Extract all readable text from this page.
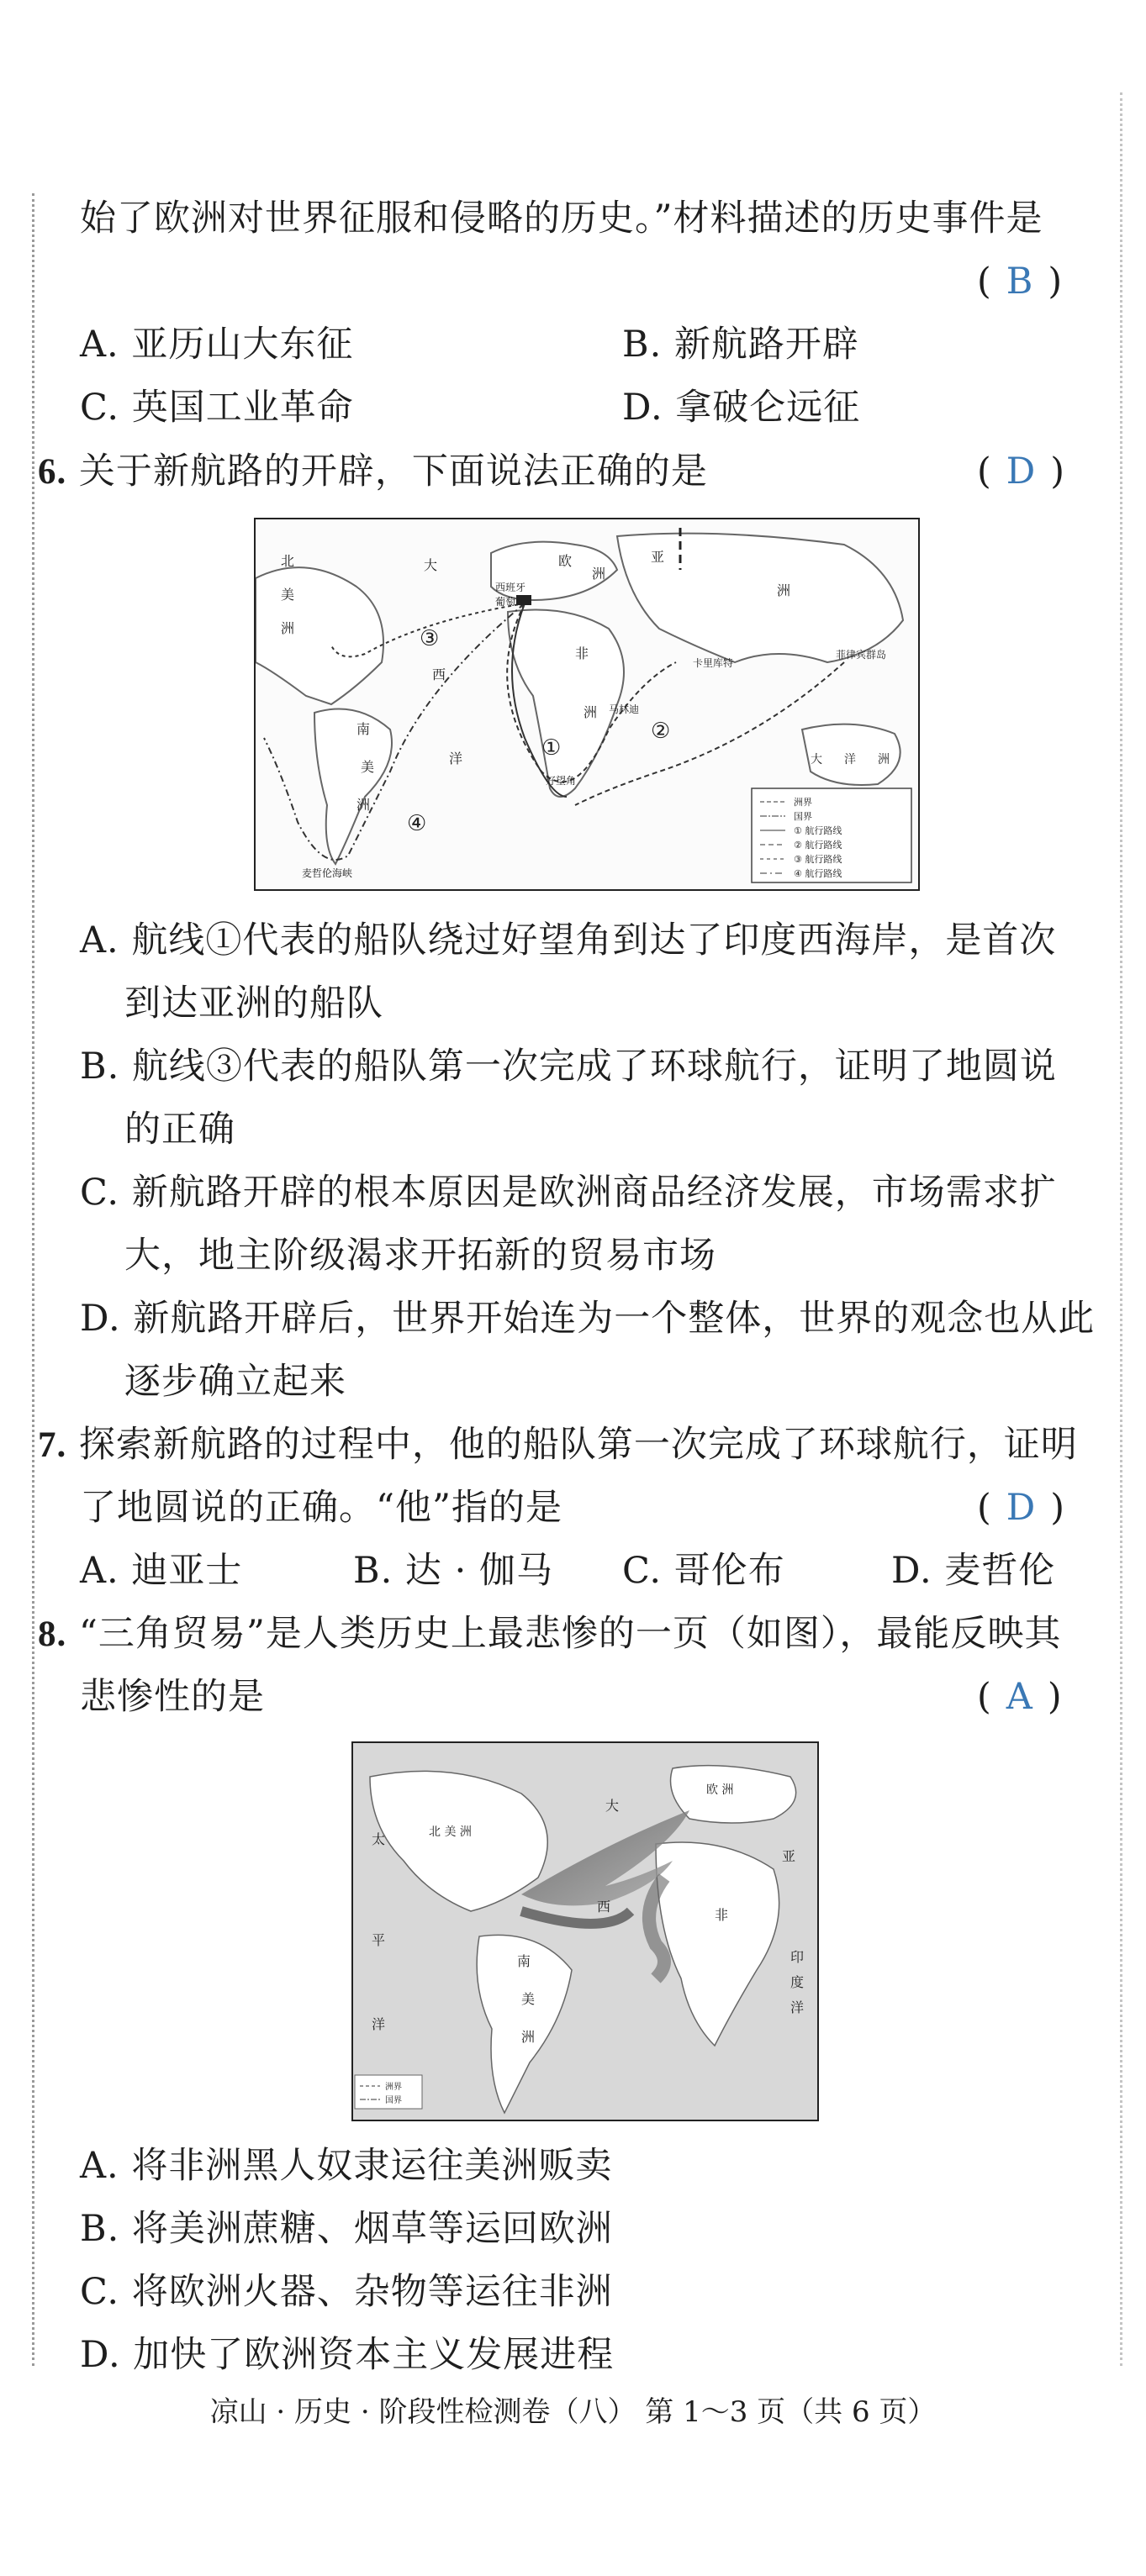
始了欧洲对世界征服和侵略的历史。”材料描述的历史事件是
( B )
A. 亚历山大东征	B. 新航路开辟
C. 英国工业革命	D. 拿破仑远征
6. 关于新航路的开辟，下面说法正确的是	( D )
北
美
洲
南
美
洲
大
西
洋
欧
洲
亚
洲
非
洲
西班牙
葡萄牙
卡里库特
菲律宾群岛
马林迪
好望角
麦哲伦海峡
大 洋 洲
①
②
③
④
洲界
国界
① 航行路线
② 航行路线
③ 航行路线
④ 航行路线
A. 航线①代表的船队绕过好望角到达了印度西海岸，是首次
到达亚洲的船队
B. 航线③代表的船队第一次完成了环球航行，证明了地圆说
的正确
C. 新航路开辟的根本原因是欧洲商品经济发展，市场需求扩
大，地主阶级渴求开拓新的贸易市场
D. 新航路开辟后，世界开始连为一个整体，世界的观念也从此
逐步确立起来
7. 探索新航路的过程中，他的船队第一次完成了环球航行，证明
了地圆说的正确。“他”指的是	( D )
A. 迪亚士	B. 达 · 伽马 C. 哥伦布	D. 麦哲伦
8. “三角贸易”是人类历史上最悲惨的一页（如图），最能反映其
悲惨性的是	( A )
太
平
洋
北 美 洲
大
西
欧 洲
亚
非
南
美
洲
印
度
洋
洲界
国界
A. 将非洲黑人奴隶运往美洲贩卖
B. 将美洲蔗糖、烟草等运回欧洲
C. 将欧洲火器、杂物等运往非洲
D. 加快了欧洲资本主义发展进程
凉山 · 历史 · 阶段性检测卷（八） 第 1～3 页（共 6 页）
